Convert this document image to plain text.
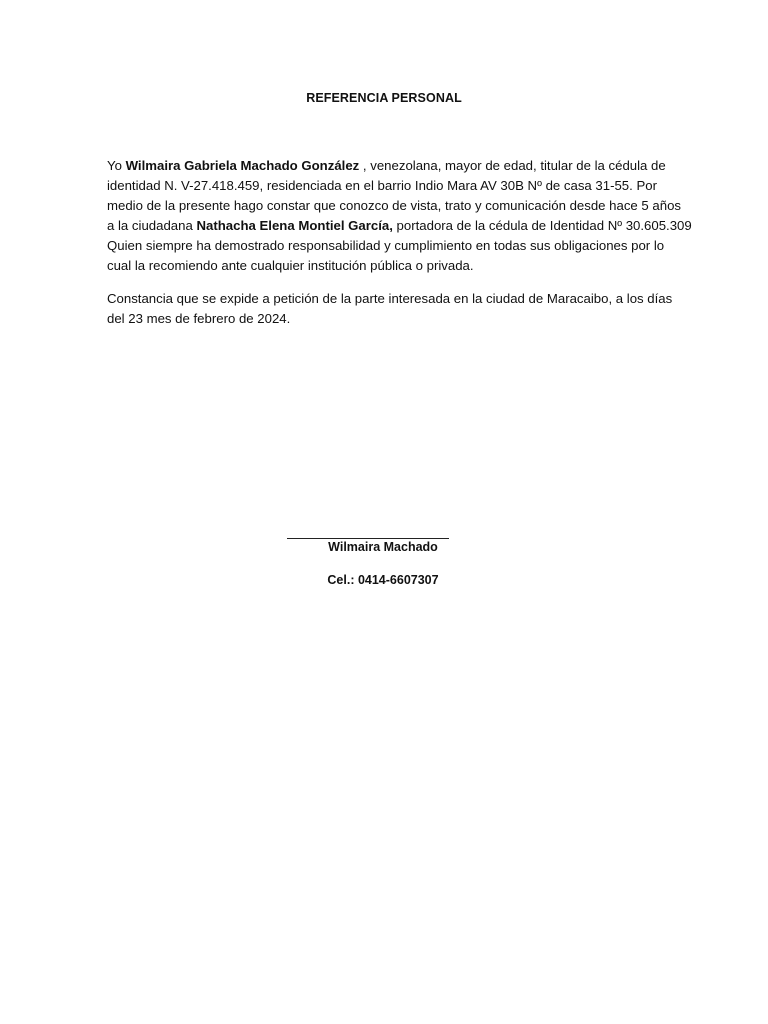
REFERENCIA PERSONAL

Yo Wilmaira Gabriela Machado González , venezolana, mayor de edad, titular de la cédula de
identidad N. V-27.418.459, residenciada en el barrio Indio Mara AV 30B Nº de casa 31-55. Por
medio de la presente hago constar que conozco de vista, trato y comunicación desde hace 5 años
a la ciudadana Nathacha Elena Montiel García, portadora de la cédula de Identidad Nº 30.605.309
Quien siempre ha demostrado responsabilidad y cumplimiento en todas sus obligaciones por lo
cual la recomiendo ante cualquier institución pública o privada.

Constancia que se expide a petición de la parte interesada en la ciudad de Maracaibo, a los días
del 23 mes de febrero de 2024.

Wilmaira Machado
Cel.: 0414-6607307
